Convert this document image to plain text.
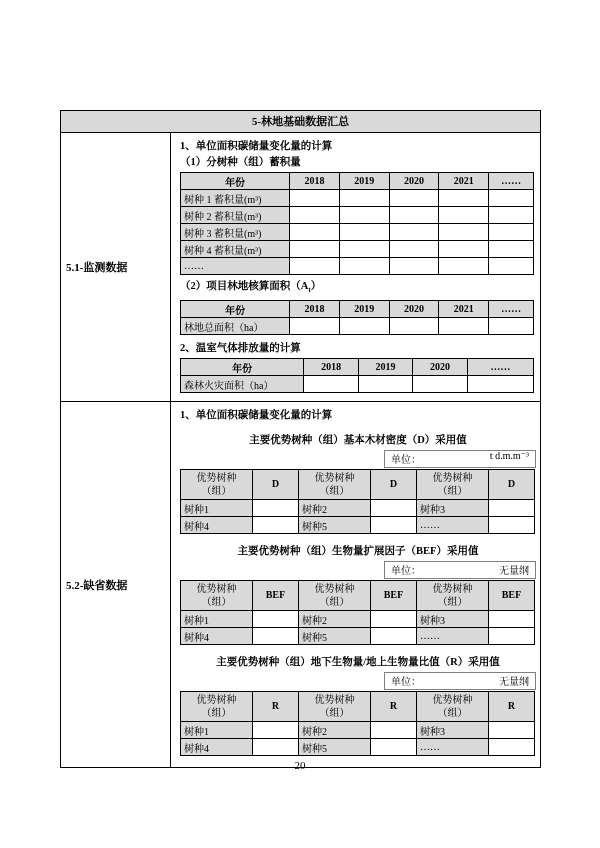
5-林地基础数据汇总
5.1-监测数据
1、单位面积碳储量变化量的计算
（1）分树种（组）蓄积量
年份	2018	2019	2020	2021	……
树种 1 蓄积量(m³)					
树种 2 蓄积量(m³)					
树种 3 蓄积量(m³)					
树种 4 蓄积量(m³)					
……					
（2）项目林地核算面积$(A_t)$
年份	2018	2019	2020	2021	……
林地总面积（ha）					
2、温室气体排放量的计算
年份	2018	2019	2020	……
森林火灾面积（ha）				
5.2-缺省数据
1、单位面积碳储量变化量的计算
主要优势树种（组）基本木材密度（D）采用值
单位：	t d.m.m⁻³
优势树种（组）	D	优势树种（组）	D	优势树种（组）	D
树种1		树种2		树种3	
树种4		树种5		……	
主要优势树种（组）生物量扩展因子（BEF）采用值
单位：	无量纲
优势树种（组）	BEF	优势树种（组）	BEF	优势树种（组）	BEF
树种1		树种2		树种3	
树种4		树种5		……	
主要优势树种（组）地下生物量/地上生物量比值（R）采用值
单位：	无量纲
优势树种（组）	R	优势树种（组）	R	优势树种（组）	R
树种1		树种2		树种3	
树种4		树种5		……	
20
